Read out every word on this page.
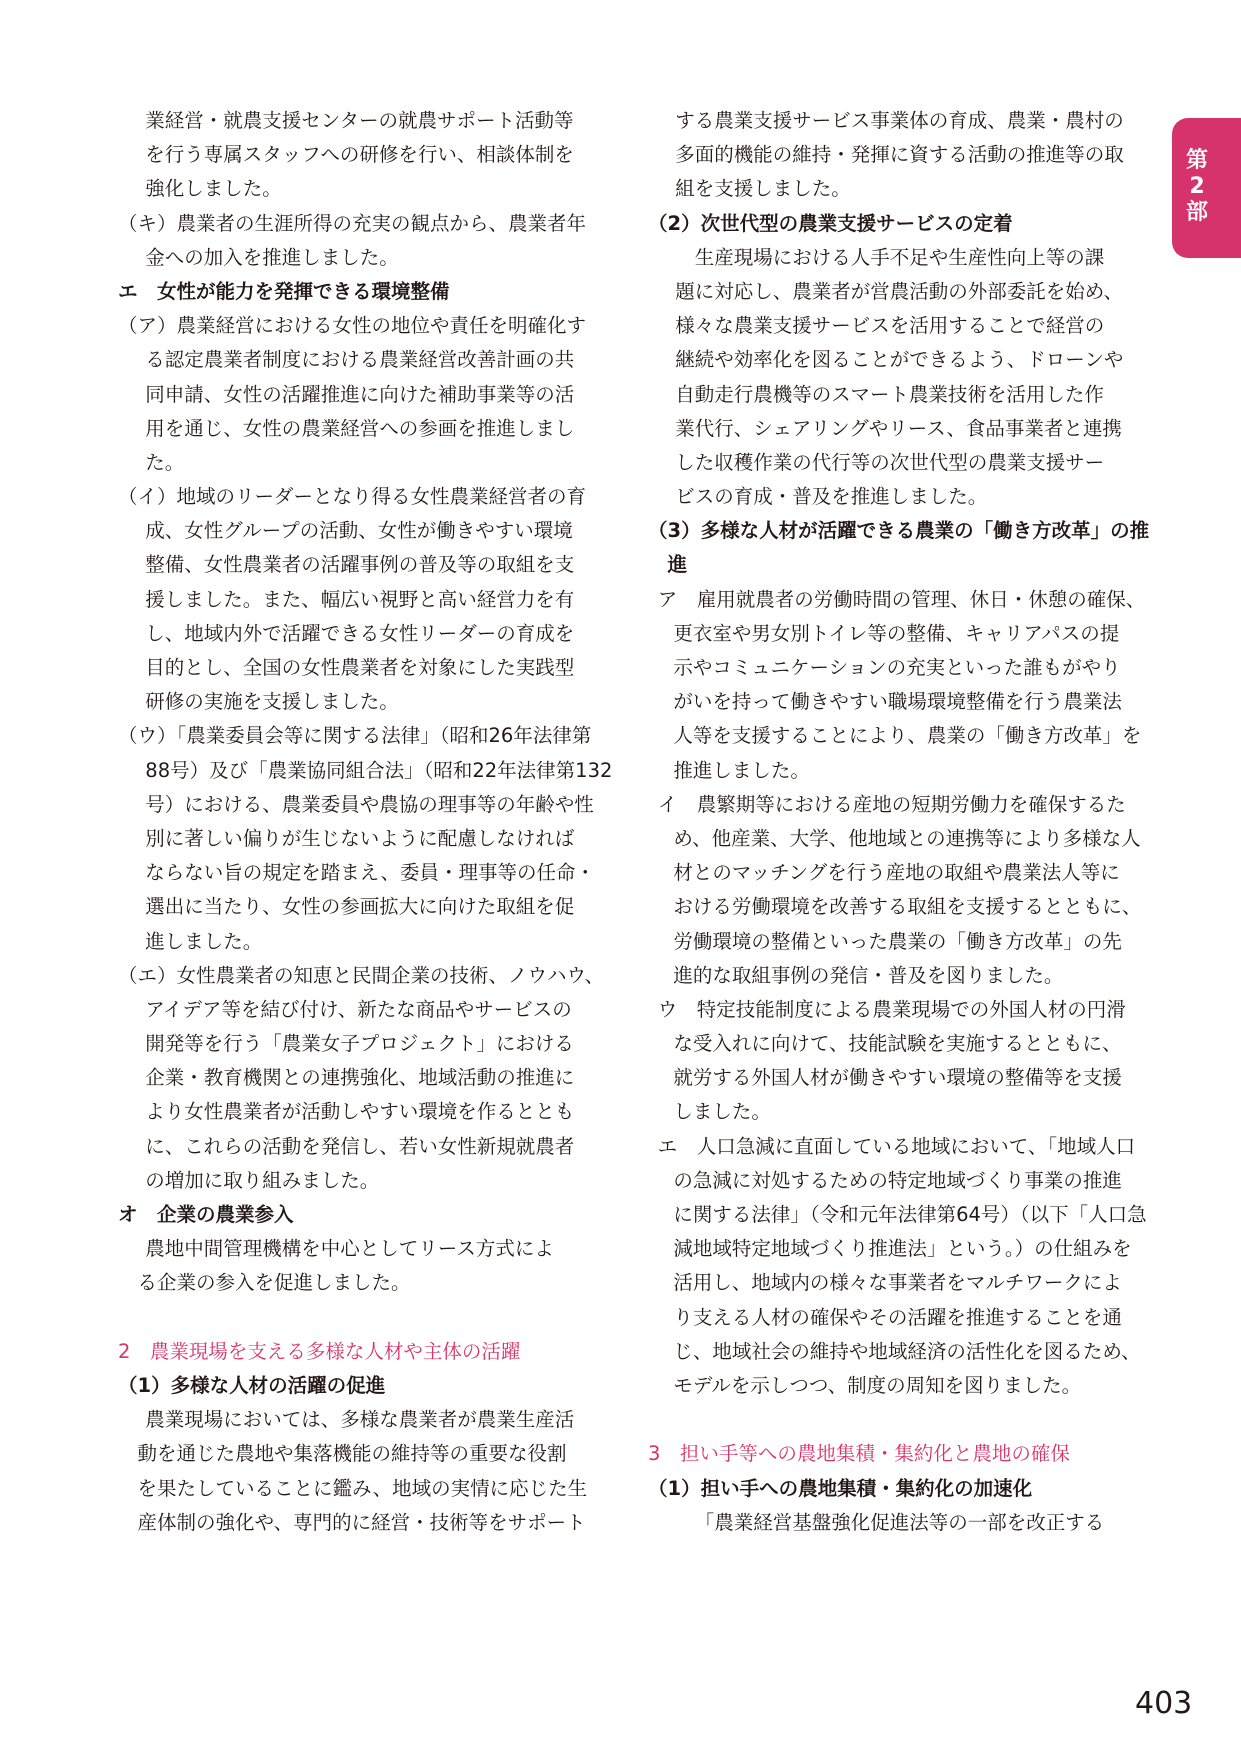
業経営・就農支援センターの就農サポート活動等
を行う専属スタッフへの研修を行い、相談体制を
強化しました。
（キ）農業者の生涯所得の充実の観点から、農業者年
金への加入を推進しました。
エ　女性が能力を発揮できる環境整備
（ア）農業経営における女性の地位や責任を明確化す
る認定農業者制度における農業経営改善計画の共
同申請、女性の活躍推進に向けた補助事業等の活
用を通じ、女性の農業経営への参画を推進しまし
た。
（イ）地域のリーダーとなり得る女性農業経営者の育
成、女性グループの活動、女性が働きやすい環境
整備、女性農業者の活躍事例の普及等の取組を支
援しました。また、幅広い視野と高い経営力を有
し、地域内外で活躍できる女性リーダーの育成を
目的とし、全国の女性農業者を対象にした実践型
研修の実施を支援しました。
（ウ）「農業委員会等に関する法律」（昭和26年法律第
88号）及び「農業協同組合法」（昭和22年法律第132
号）における、農業委員や農協の理事等の年齢や性
別に著しい偏りが生じないように配慮しなければ
ならない旨の規定を踏まえ、委員・理事等の任命・
選出に当たり、女性の参画拡大に向けた取組を促
進しました。
（エ）女性農業者の知恵と民間企業の技術、ノウハウ、
アイデア等を結び付け、新たな商品やサービスの
開発等を行う「農業女子プロジェクト」における
企業・教育機関との連携強化、地域活動の推進に
より女性農業者が活動しやすい環境を作るととも
に、これらの活動を発信し、若い女性新規就農者
の増加に取り組みました。
オ　企業の農業参入
農地中間管理機構を中心としてリース方式によ
る企業の参入を促進しました。
2　農業現場を支える多様な人材や主体の活躍
（1）多様な人材の活躍の促進
農業現場においては、多様な農業者が農業生産活
動を通じた農地や集落機能の維持等の重要な役割
を果たしていることに鑑み、地域の実情に応じた生
産体制の強化や、専門的に経営・技術等をサポート
する農業支援サービス事業体の育成、農業・農村の
多面的機能の維持・発揮に資する活動の推進等の取
組を支援しました。
（2）次世代型の農業支援サービスの定着
生産現場における人手不足や生産性向上等の課
題に対応し、農業者が営農活動の外部委託を始め、
様々な農業支援サービスを活用することで経営の
継続や効率化を図ることができるよう、ドローンや
自動走行農機等のスマート農業技術を活用した作
業代行、シェアリングやリース、食品事業者と連携
した収穫作業の代行等の次世代型の農業支援サー
ビスの育成・普及を推進しました。
（3）多様な人材が活躍できる農業の「働き方改革」の推
進
ア　雇用就農者の労働時間の管理、休日・休憩の確保、
更衣室や男女別トイレ等の整備、キャリアパスの提
示やコミュニケーションの充実といった誰もがやり
がいを持って働きやすい職場環境整備を行う農業法
人等を支援することにより、農業の「働き方改革」を
推進しました。
イ　農繁期等における産地の短期労働力を確保するた
め、他産業、大学、他地域との連携等により多様な人
材とのマッチングを行う産地の取組や農業法人等に
おける労働環境を改善する取組を支援するとともに、
労働環境の整備といった農業の「働き方改革」の先
進的な取組事例の発信・普及を図りました。
ウ　特定技能制度による農業現場での外国人材の円滑
な受入れに向けて、技能試験を実施するとともに、
就労する外国人材が働きやすい環境の整備等を支援
しました。
エ　人口急減に直面している地域において、「地域人口
の急減に対処するための特定地域づくり事業の推進
に関する法律」（令和元年法律第64号）（以下「人口急
減地域特定地域づくり推進法」という。）の仕組みを
活用し、地域内の様々な事業者をマルチワークによ
り支える人材の確保やその活躍を推進することを通
じ、地域社会の維持や地域経済の活性化を図るため、
モデルを示しつつ、制度の周知を図りました。
3　担い手等への農地集積・集約化と農地の確保
（1）担い手への農地集積・集約化の加速化
「農業経営基盤強化促進法等の一部を改正する
第
2
部
403
